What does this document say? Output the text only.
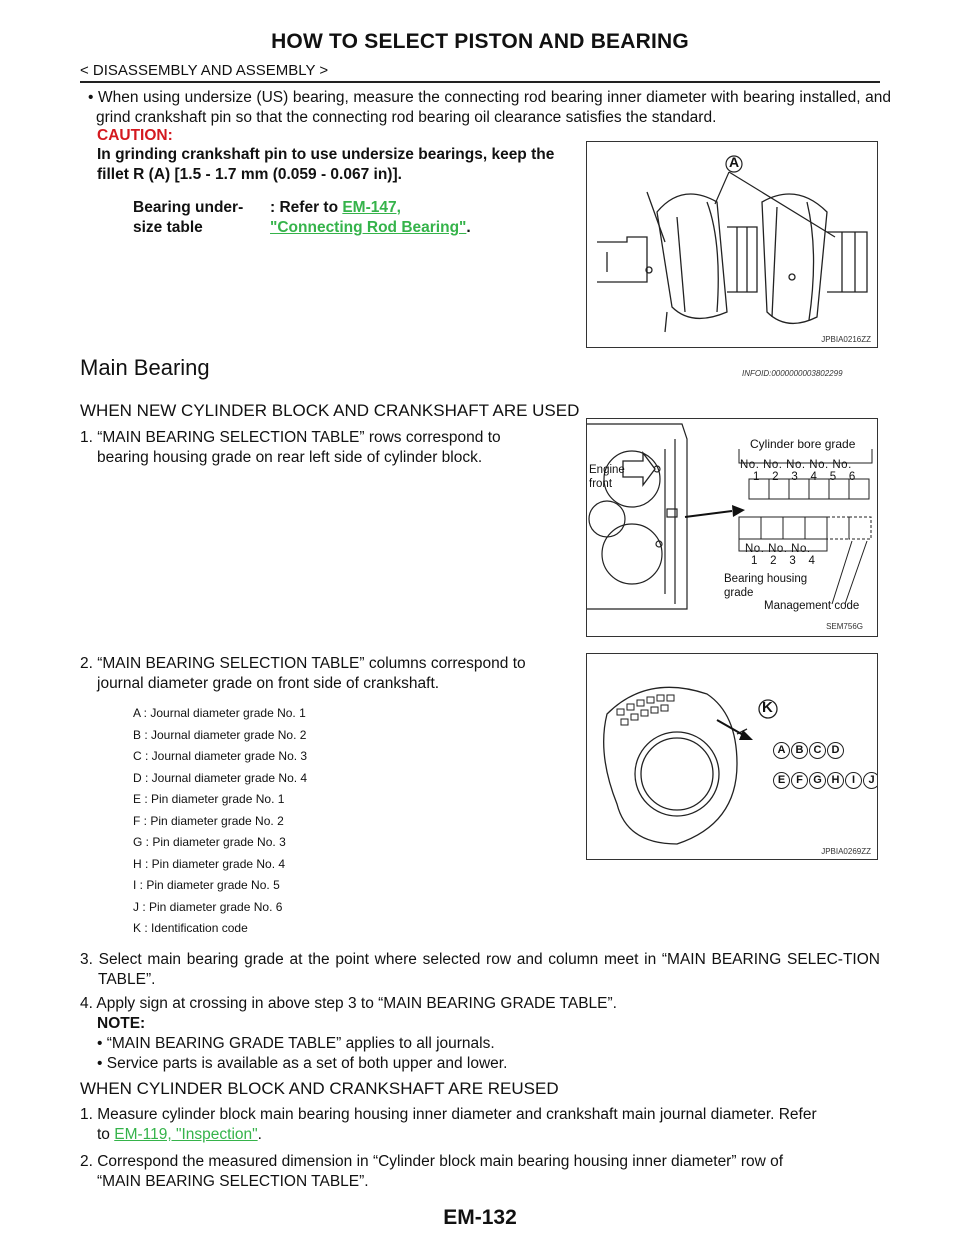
HOW TO SELECT PISTON AND BEARING
< DISASSEMBLY AND ASSEMBLY >
• When using undersize (US) bearing, measure the connecting rod bearing inner diameter with bearing installed, and grind crankshaft pin so that the connecting rod bearing oil clearance satisfies the standard.
CAUTION:
In grinding crankshaft pin to use undersize bearings, keep the
fillet R (A) [1.5 - 1.7 mm (0.059 - 0.067 in)].
Bearing under-
size table
: Refer to EM-147,
"Connecting Rod Bearing".
A
JPBIA0216ZZ
Main Bearing	INFOID:0000000003802299
WHEN NEW CYLINDER BLOCK AND CRANKSHAFT ARE USED
1. “MAIN BEARING SELECTION TABLE” rows correspond to
bearing housing grade on rear left side of cylinder block.
Engine
front
Cylinder bore grade
No. No. No. No. No.
1    2    3    4    5    6
No. No. No.
1    2    3    4
Bearing housing
grade
Management code
SEM756G
2. “MAIN BEARING SELECTION TABLE” columns correspond to
journal diameter grade on front side of crankshaft.
A : Journal diameter grade No. 1
B : Journal diameter grade No. 2
C : Journal diameter grade No. 3
D : Journal diameter grade No. 4
E : Pin diameter grade No. 1
F : Pin diameter grade No. 2
G : Pin diameter grade No. 3
H : Pin diameter grade No. 4
I : Pin diameter grade No. 5
J : Pin diameter grade No. 6
K : Identification code
K
A B C D
E F G H	I	J
JPBIA0269ZZ
3. Select main bearing grade at the point where selected row and column meet in “MAIN BEARING SELEC-TION TABLE”.
4. Apply sign at crossing in above step 3 to “MAIN BEARING GRADE TABLE”.
NOTE:
• “MAIN BEARING GRADE TABLE” applies to all journals.
• Service parts is available as a set of both upper and lower.
WHEN CYLINDER BLOCK AND CRANKSHAFT ARE REUSED
1. Measure cylinder block main bearing housing inner diameter and crankshaft main journal diameter. Refer
to EM-119, "Inspection".
2. Correspond the measured dimension in “Cylinder block main bearing housing inner diameter” row of
“MAIN BEARING SELECTION TABLE”.
EM-132
